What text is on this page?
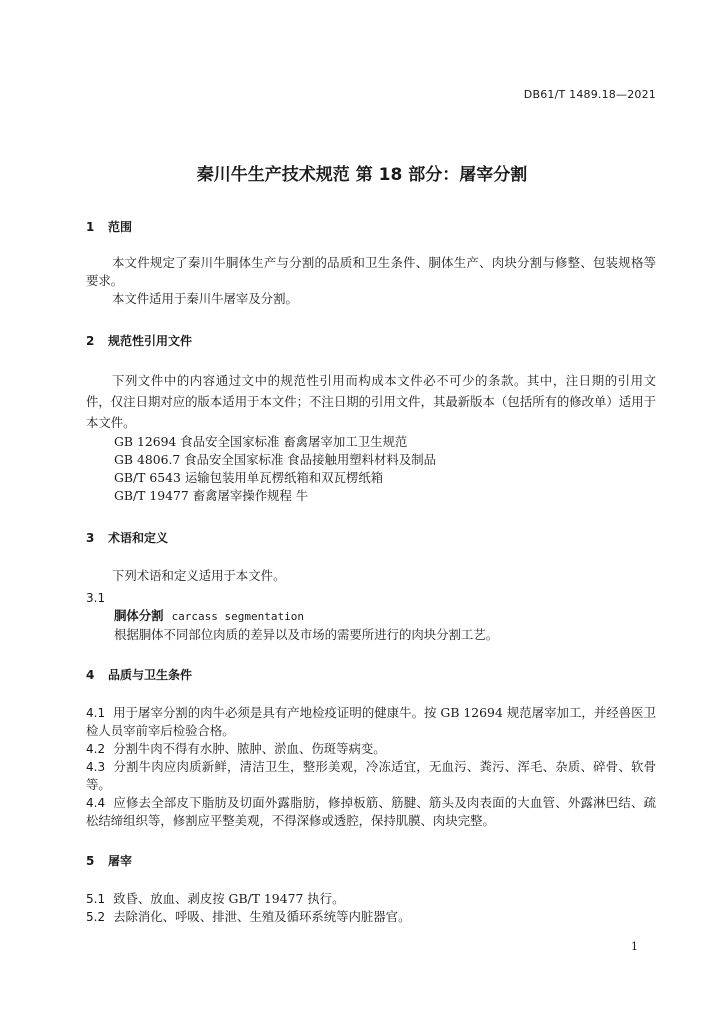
DB61/T 1489.18—2021
秦川牛生产技术规范 第 18 部分：屠宰分割
1	范围
本文件规定了秦川牛胴体生产与分割的品质和卫生条件、胴体生产、肉块分割与修整、包装规格等要求。
本文件适用于秦川牛屠宰及分割。
2	规范性引用文件
下列文件中的内容通过文中的规范性引用而构成本文件必不可少的条款。其中，注日期的引用文件，仅注日期对应的版本适用于本文件；不注日期的引用文件，其最新版本（包括所有的修改单）适用于本文件。
GB 12694 食品安全国家标准 畜禽屠宰加工卫生规范
GB 4806.7 食品安全国家标准 食品接触用塑料材料及制品
GB/T 6543 运输包装用单瓦楞纸箱和双瓦楞纸箱
GB/T 19477 畜禽屠宰操作规程 牛
3	术语和定义
下列术语和定义适用于本文件。
3.1
胴体分割 carcass segmentation
根据胴体不同部位肉质的差异以及市场的需要所进行的肉块分割工艺。
4	品质与卫生条件
4.1 用于屠宰分割的肉牛必须是具有产地检疫证明的健康牛。按 GB 12694 规范屠宰加工，并经兽医卫检人员宰前宰后检验合格。
4.2 分割牛肉不得有水肿、脓肿、淤血、伤斑等病变。
4.3 分割牛肉应肉质新鲜，清洁卫生，整形美观，冷冻适宜，无血污、粪污、浑毛、杂质、碎骨、软骨等。
4.4 应修去全部皮下脂肪及切面外露脂肪，修掉板筋、筋腱、筋头及肉表面的大血管、外露淋巴结、疏松结缔组织等，修割应平整美观，不得深修或透腔，保持肌膜、肉块完整。
5	屠宰
5.1 致昏、放血、剥皮按 GB/T 19477 执行。
5.2 去除消化、呼吸、排泄、生殖及循环系统等内脏器官。
1
